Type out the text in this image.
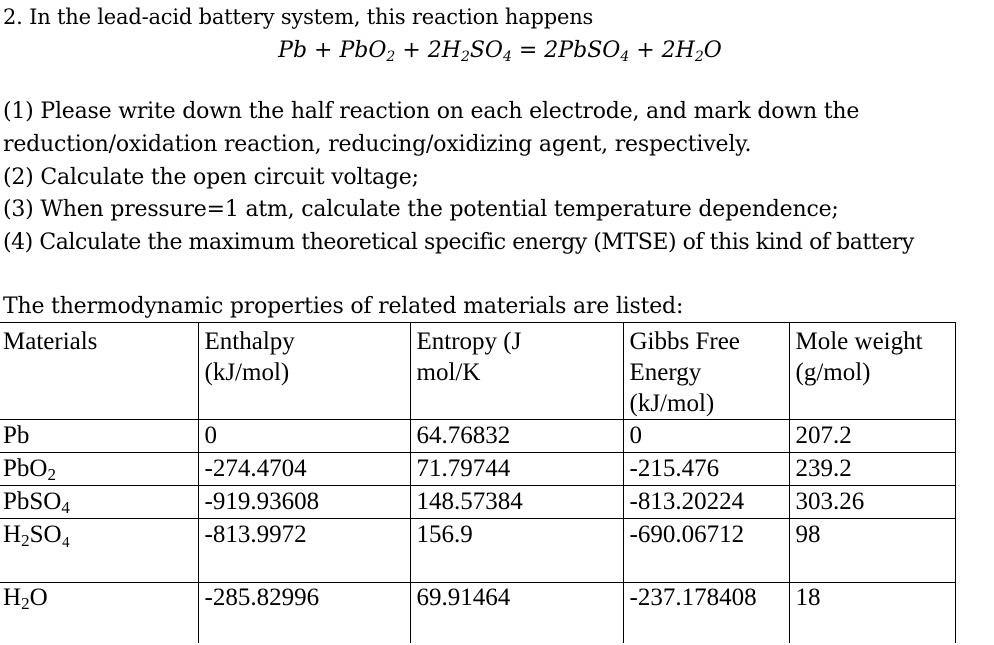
2. In the lead-acid battery system, this reaction happens
$Pb + PbO_2 + 2H_2SO_4$ = 2PbSO$_4$ + $2H_2O$
(1) Please write down the half reaction on each electrode, and mark down the
reduction/oxidation reaction, reducing/oxidizing agent, respectively.
(2) Calculate the open circuit voltage;
(3) When pressure=1 atm, calculate the potential temperature dependence;
(4) Calculate the maximum theoretical specific energy (MTSE) of this kind of battery
The thermodynamic properties of related materials are listed:
Materials	Enthalpy (kJ/mol)	Entropy (J mol/K	Gibbs Free Energy (kJ/mol)	Mole weight (g/mol)
Pb	0	64.76832	0	207.2
PbO$_2$	-274.4704	71.79744	-215.476	239.2
PbSO$_4$	-919.93608	148.57384	-813.20224	303.26
$H_2SO_4$	-813.9972	156.9	-690.06712	98
$H_2O$	-285.82996	69.91464	-237.178408	18
